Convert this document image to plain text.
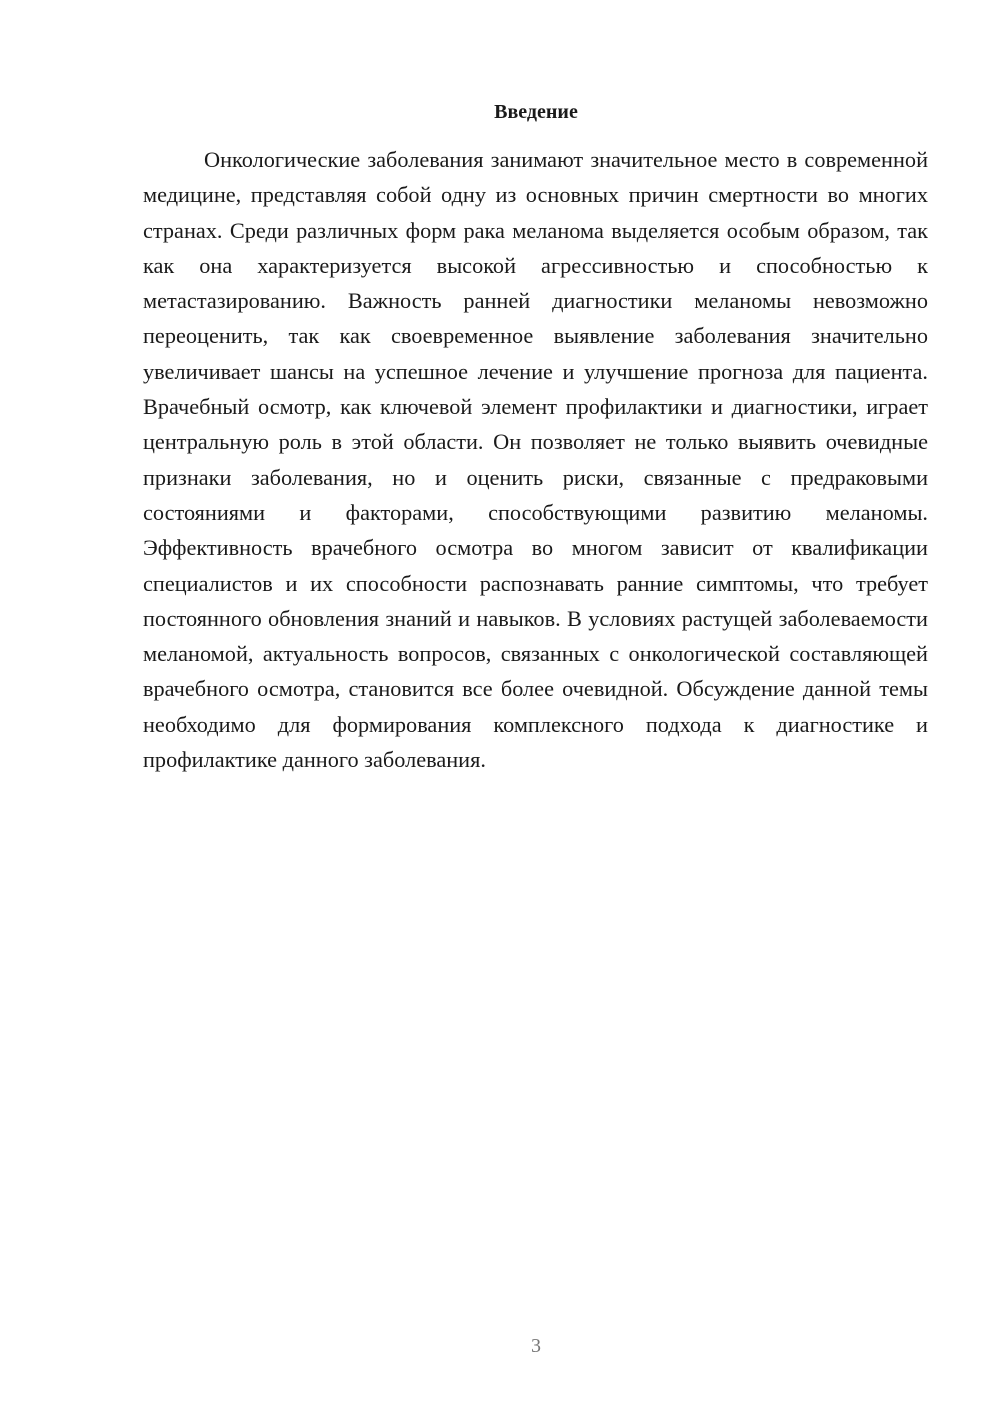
Введение

Онкологические заболевания занимают значительное место в современной медицине, представляя собой одну из основных причин смертности во многих странах. Среди различных форм рака меланома выделяется особым образом, так как она характеризуется высокой агрессивностью и способностью к метастазированию. Важность ранней диагностики меланомы невозможно переоценить, так как своевременное выявление заболевания значительно увеличивает шансы на успешное лечение и улучшение прогноза для пациента. Врачебный осмотр, как ключевой элемент профилактики и диагностики, играет центральную роль в этой области. Он позволяет не только выявить очевидные признаки заболевания, но и оценить риски, связанные с предраковыми состояниями и факторами, способствующими развитию меланомы. Эффективность врачебного осмотра во многом зависит от квалификации специалистов и их способности распознавать ранние симптомы, что требует постоянного обновления знаний и навыков. В условиях растущей заболеваемости меланомой, актуальность вопросов, связанных с онкологической составляющей врачебного осмотра, становится все более очевидной. Обсуждение данной темы необходимо для формирования комплексного подхода к диагностике и профилактике данного заболевания.

3
